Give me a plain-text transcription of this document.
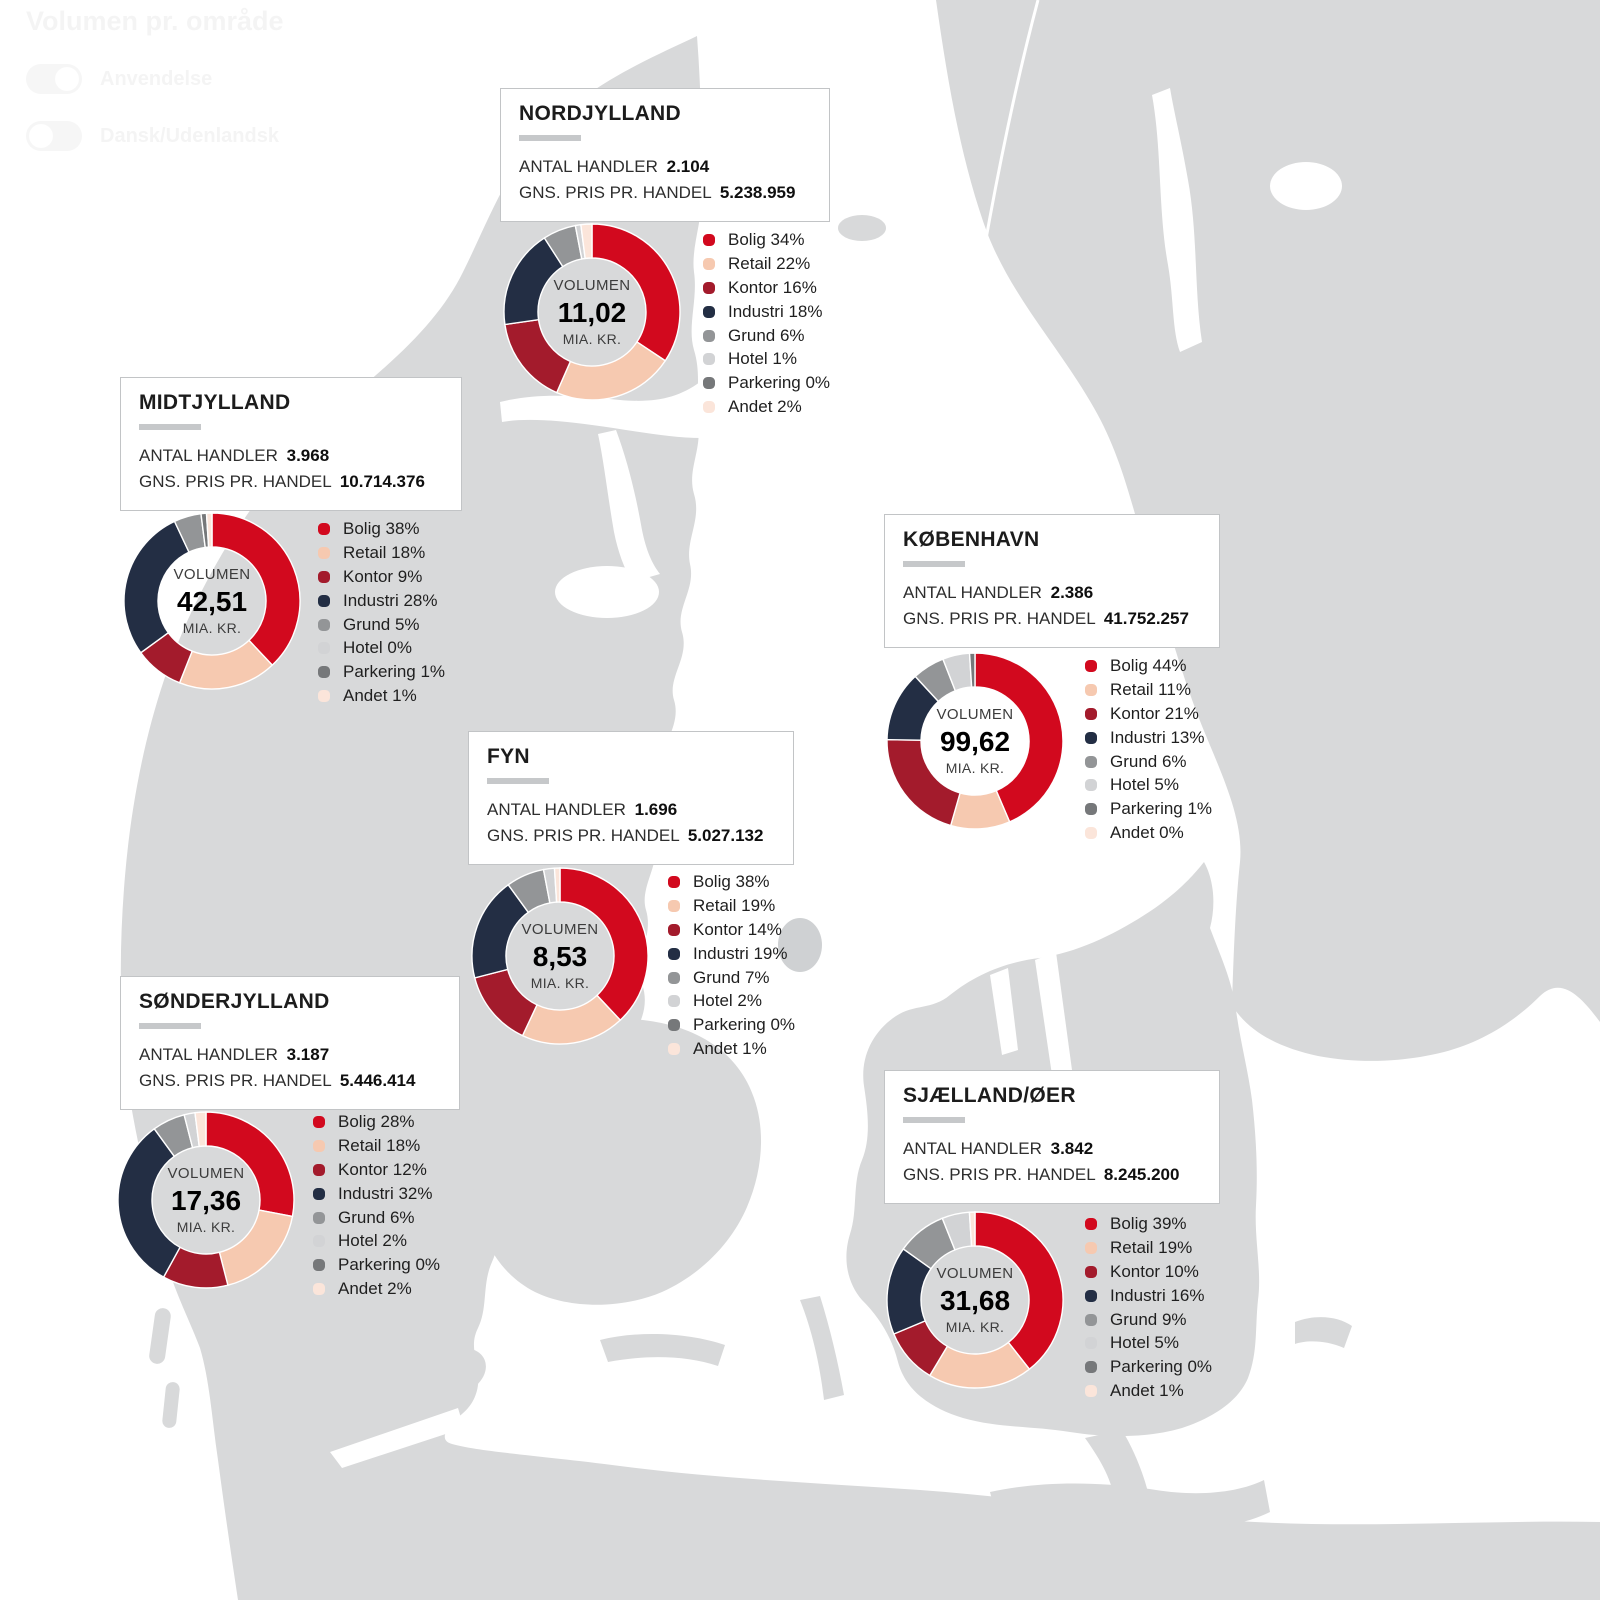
Volumen pr. område
Anvendelse
Dansk/Udenlandsk
NORDJYLLAND
ANTAL HANDLER 2.104
GNS. PRIS PR. HANDEL 5.238.959
VOLUMEN
11,02
MIA. KR.
Bolig 34%
Retail 22%
Kontor 16%
Industri 18%
Grund 6%
Hotel 1%
Parkering 0%
Andet 2%
MIDTJYLLAND
ANTAL HANDLER 3.968
GNS. PRIS PR. HANDEL 10.714.376
VOLUMEN
42,51
MIA. KR.
Bolig 38%
Retail 18%
Kontor 9%
Industri 28%
Grund 5%
Hotel 0%
Parkering 1%
Andet 1%
KØBENHAVN
ANTAL HANDLER 2.386
GNS. PRIS PR. HANDEL 41.752.257
VOLUMEN
99,62
MIA. KR.
Bolig 44%
Retail 11%
Kontor 21%
Industri 13%
Grund 6%
Hotel 5%
Parkering 1%
Andet 0%
FYN
ANTAL HANDLER 1.696
GNS. PRIS PR. HANDEL 5.027.132
VOLUMEN
8,53
MIA. KR.
Bolig 38%
Retail 19%
Kontor 14%
Industri 19%
Grund 7%
Hotel 2%
Parkering 0%
Andet 1%
SØNDERJYLLAND
ANTAL HANDLER 3.187
GNS. PRIS PR. HANDEL 5.446.414
VOLUMEN
17,36
MIA. KR.
Bolig 28%
Retail 18%
Kontor 12%
Industri 32%
Grund 6%
Hotel 2%
Parkering 0%
Andet 2%
SJÆLLAND/ØER
ANTAL HANDLER 3.842
GNS. PRIS PR. HANDEL 8.245.200
VOLUMEN
31,68
MIA. KR.
Bolig 39%
Retail 19%
Kontor 10%
Industri 16%
Grund 9%
Hotel 5%
Parkering 0%
Andet 1%
